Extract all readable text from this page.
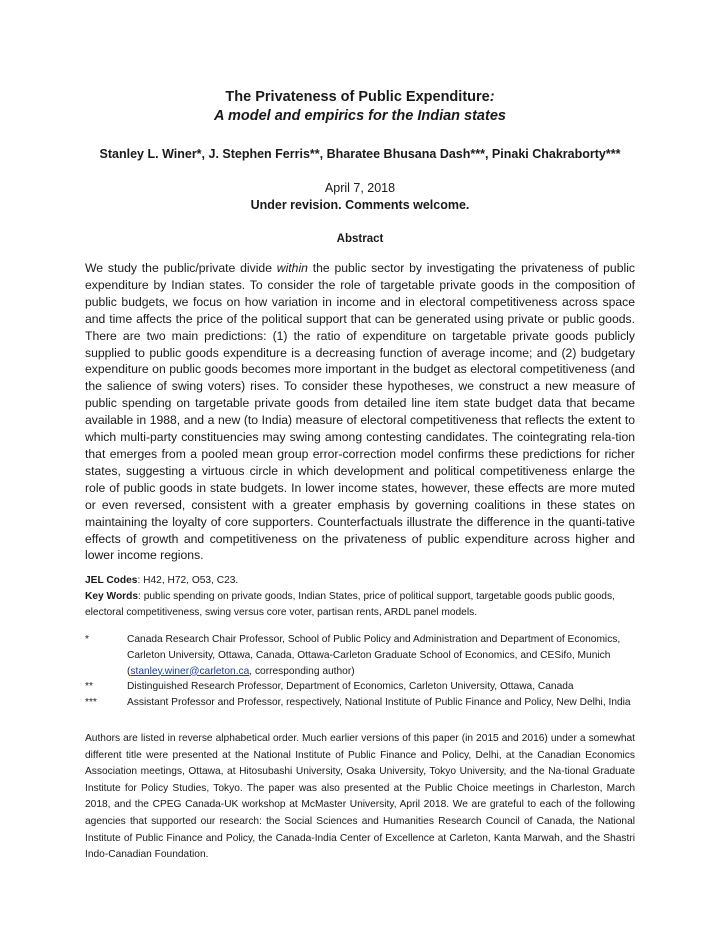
The Privateness of Public Expenditure:
A model and empirics for the Indian states
Stanley L. Winer*, J. Stephen Ferris**, Bharatee Bhusana Dash***, Pinaki Chakraborty***
April 7, 2018
Under revision. Comments welcome.
Abstract

We study the public/private divide within the public sector by investigating the privateness of public expenditure by Indian states. To consider the role of targetable private goods in the composition of public budgets, we focus on how variation in income and in electoral competitiveness across space and time affects the price of the political support that can be generated using private or public goods. There are two main predictions: (1) the ratio of expenditure on targetable private goods publicly supplied to public goods expenditure is a decreasing function of average income; and (2) budgetary expenditure on public goods becomes more important in the budget as electoral competitiveness (and the salience of swing voters) rises. To consider these hypotheses, we construct a new measure of public spending on targetable private goods from detailed line item state budget data that became available in 1988, and a new (to India) measure of electoral competitiveness that reflects the extent to which multi-party constituencies may swing among contesting candidates. The cointegrating rela-tion that emerges from a pooled mean group error-correction model confirms these predictions for richer states, suggesting a virtuous circle in which development and political competitiveness enlarge the role of public goods in state budgets. In lower income states, however, these effects are more muted or even reversed, consistent with a greater emphasis by governing coalitions in these states on maintaining the loyalty of core supporters. Counterfactuals illustrate the difference in the quanti-tative effects of growth and competitiveness on the privateness of public expenditure across higher and lower income regions.

JEL Codes: H42, H72, O53, C23.
Key Words: public spending on private goods, Indian States, price of political support, targetable goods public goods, electoral competitiveness, swing versus core voter, partisan rents, ARDL panel models.
*	Canada Research Chair Professor, School of Public Policy and Administration and Department of Economics, Carleton University, Ottawa, Canada, Ottawa-Carleton Graduate School of Economics, and CESifo, Munich (stanley.winer@carleton.ca, corresponding author)
**	Distinguished Research Professor, Department of Economics, Carleton University, Ottawa, Canada
***	Assistant Professor and Professor, respectively, National Institute of Public Finance and Policy, New Delhi, India
Authors are listed in reverse alphabetical order. Much earlier versions of this paper (in 2015 and 2016) under a somewhat different title were presented at the National Institute of Public Finance and Policy, Delhi, at the Canadian Economics Association meetings, Ottawa, at Hitosubashi University, Osaka University, Tokyo University, and the Na-tional Graduate Institute for Policy Studies, Tokyo. The paper was also presented at the Public Choice meetings in Charleston, March 2018, and the CPEG Canada-UK workshop at McMaster University, April 2018. We are grateful to each of the following agencies that supported our research: the Social Sciences and Humanities Research Council of Canada, the National Institute of Public Finance and Policy, the Canada-India Center of Excellence at Carleton, Kanta Marwah, and the Shastri Indo-Canadian Foundation.
